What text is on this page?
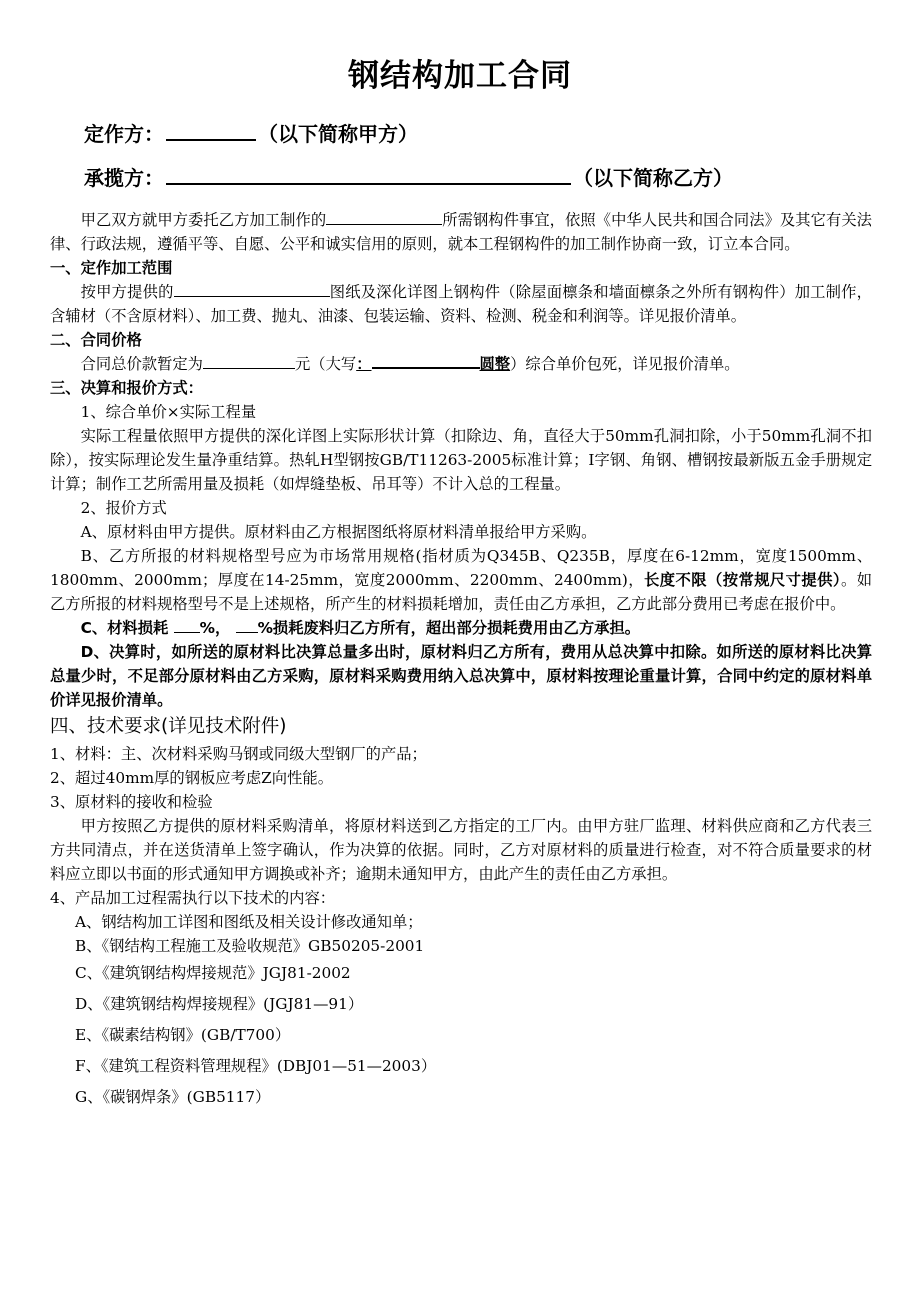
钢结构加工合同
定作方：	（以下简称甲方）
承揽方：	（以下简称乙方）

甲乙双方就甲方委托乙方加工制作的	所需钢构件事宜，依照《中华人民共和国合同法》及其它有关法律、行政法规，遵循平等、自愿、公平和诚实信用的原则，就本工程钢构件的加工制作协商一致，订立本合同。

一、定作加工范围

按甲方提供的	图纸及深化详图上钢构件（除屋面檩条和墙面檩条之外所有钢构件）加工制作，含辅材（不含原材料）、加工费、抛丸、油漆、包装运输、资料、检测、税金和利润等。详见报价清单。

二、合同价格

合同总价款暂定为	元（大写：	圆整）综合单价包死，详见报价清单。

三、决算和报价方式：

1、综合单价×实际工程量

实际工程量依照甲方提供的深化详图上实际形状计算（扣除边、角，直径大于50mm孔洞扣除，小于50mm孔洞不扣除），按实际理论发生量净重结算。热轧H型钢按GB/T11263-2005标准计算；I字钢、角钢、槽钢按最新版五金手册规定计算；制作工艺所需用量及损耗（如焊缝垫板、吊耳等）不计入总的工程量。

2、报价方式

A、原材料由甲方提供。原材料由乙方根据图纸将原材料清单报给甲方采购。

B、乙方所报的材料规格型号应为市场常用规格(指材质为Q345B、Q235B，厚度在6-12mm，宽度1500mm、1800mm、2000mm；厚度在14-25mm，宽度2000mm、2200mm、2400mm)，长度不限（按常规尺寸提供）。如乙方所报的材料规格型号不是上述规格，所产生的材料损耗增加，责任由乙方承担，乙方此部分费用已考虑在报价中。

C、材料损耗 %， %损耗废料归乙方所有，超出部分损耗费用由乙方承担。

D、决算时，如所送的原材料比决算总量多出时，原材料归乙方所有，费用从总决算中扣除。如所送的原材料比决算总量少时，不足部分原材料由乙方采购，原材料采购费用纳入总决算中，原材料按理论重量计算，合同中约定的原材料单价详见报价清单。

四、技术要求(详见技术附件)

1、材料：主、次材料采购马钢或同级大型钢厂的产品；

2、超过40mm厚的钢板应考虑Z向性能。

3、原材料的接收和检验

甲方按照乙方提供的原材料采购清单，将原材料送到乙方指定的工厂内。由甲方驻厂监理、材料供应商和乙方代表三方共同清点，并在送货清单上签字确认，作为决算的依据。同时，乙方对原材料的质量进行检查，对不符合质量要求的材料应立即以书面的形式通知甲方调换或补齐；逾期未通知甲方，由此产生的责任由乙方承担。

4、产品加工过程需执行以下技术的内容：

A、钢结构加工详图和图纸及相关设计修改通知单；

B、《钢结构工程施工及验收规范》GB50205-2001

C、《建筑钢结构焊接规范》JGJ81-2002

D、《建筑钢结构焊接规程》(JGJ81—91）

E、《碳素结构钢》(GB/T700）

F、《建筑工程资料管理规程》(DBJ01—51—2003）

G、《碳钢焊条》(GB5117）
